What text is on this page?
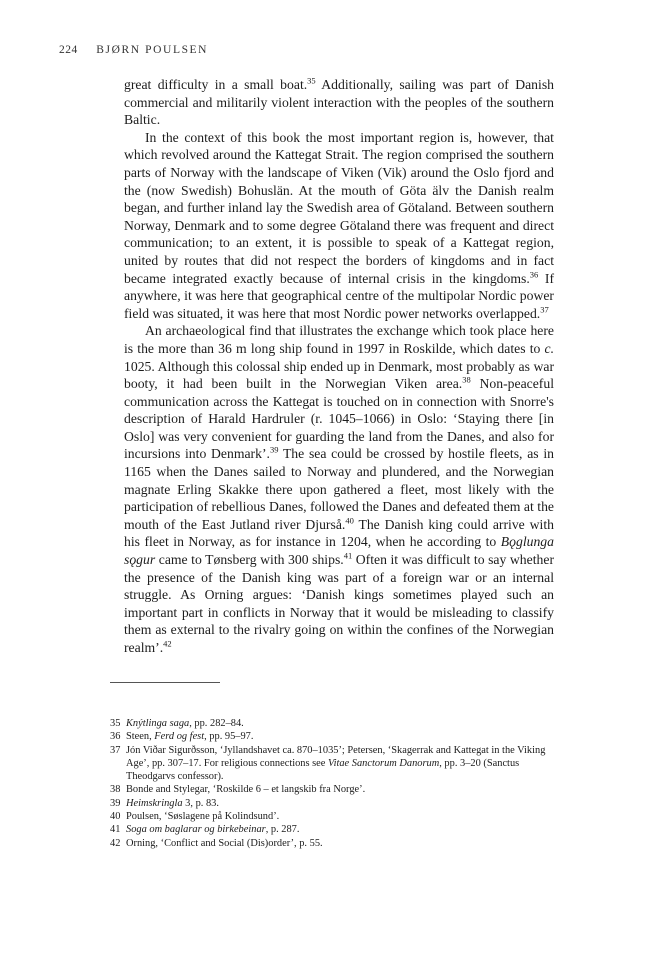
224 BJØRN POULSEN

great difficulty in a small boat.$^{35}$ Additionally, sailing was part of Danish commercial and militarily violent interaction with the peoples of the southern Baltic.

In the context of this book the most important region is, however, that which revolved around the Kattegat Strait. The region comprised the southern parts of Norway with the landscape of Viken (Vik) around the Oslo fjord and the (now Swedish) Bohuslän. At the mouth of Göta älv the Danish realm began, and further inland lay the Swedish area of Götaland. Between southern Norway, Denmark and to some degree Götaland there was frequent and direct communication; to an extent, it is possible to speak of a Kattegat region, united by routes that did not respect the borders of kingdoms and in fact became integrated exactly because of internal crisis in the kingdoms.$^{36}$ If anywhere, it was here that geographical centre of the multipolar Nordic power field was situated, it was here that most Nordic power networks overlapped.$^{37}$

An archaeological find that illustrates the exchange which took place here is the more than 36 m long ship found in 1997 in Roskilde, which dates to c. 1025. Although this colossal ship ended up in Denmark, most probably as war booty, it had been built in the Norwegian Viken area.$^{38}$ Non-peaceful communication across the Kattegat is touched on in connection with Snorre's description of Harald Hardruler (r. 1045–1066) in Oslo: ‘Staying there [in Oslo] was very convenient for guarding the land from the Danes, and also for incursions into Denmark’.$^{39}$ The sea could be crossed by hostile fleets, as in 1165 when the Danes sailed to Norway and plundered, and the Norwegian magnate Erling Skakke there upon gathered a fleet, most likely with the participation of rebellious Danes, followed the Danes and defeated them at the mouth of the East Jutland river Djurså.$^{40}$ The Danish king could arrive with his fleet in Norway, as for instance in 1204, when he according to Bǫglunga sǫgur came to Tønsberg with 300 ships.$^{41}$ Often it was difficult to say whether the presence of the Danish king was part of a foreign war or an internal struggle. As Orning argues: ‘Danish kings sometimes played such an important part in conflicts in Norway that it would be misleading to classify them as external to the rivalry going on within the confines of the Norwegian realm’.$^{42}$

35 Knýtlinga saga, pp. 282–84.
36 Steen, Ferd og fest, pp. 95–97.
37 Jón Viðar Sigurðsson, ‘Jyllandshavet ca. 870–1035’; Petersen, ‘Skagerrak and Kattegat in the Viking Age’, pp. 307–17. For religious connections see Vitae Sanctorum Danorum, pp. 3–20 (Sanctus Theodgarvs confessor).
38 Bonde and Stylegar, ‘Roskilde 6 – et langskib fra Norge’.
39 Heimskringla 3, p. 83.
40 Poulsen, ‘Søslagene på Kolindsund’.
41 Soga om baglarar og birkebeinar, p. 287.
42 Orning, ‘Conflict and Social (Dis)order’, p. 55.
